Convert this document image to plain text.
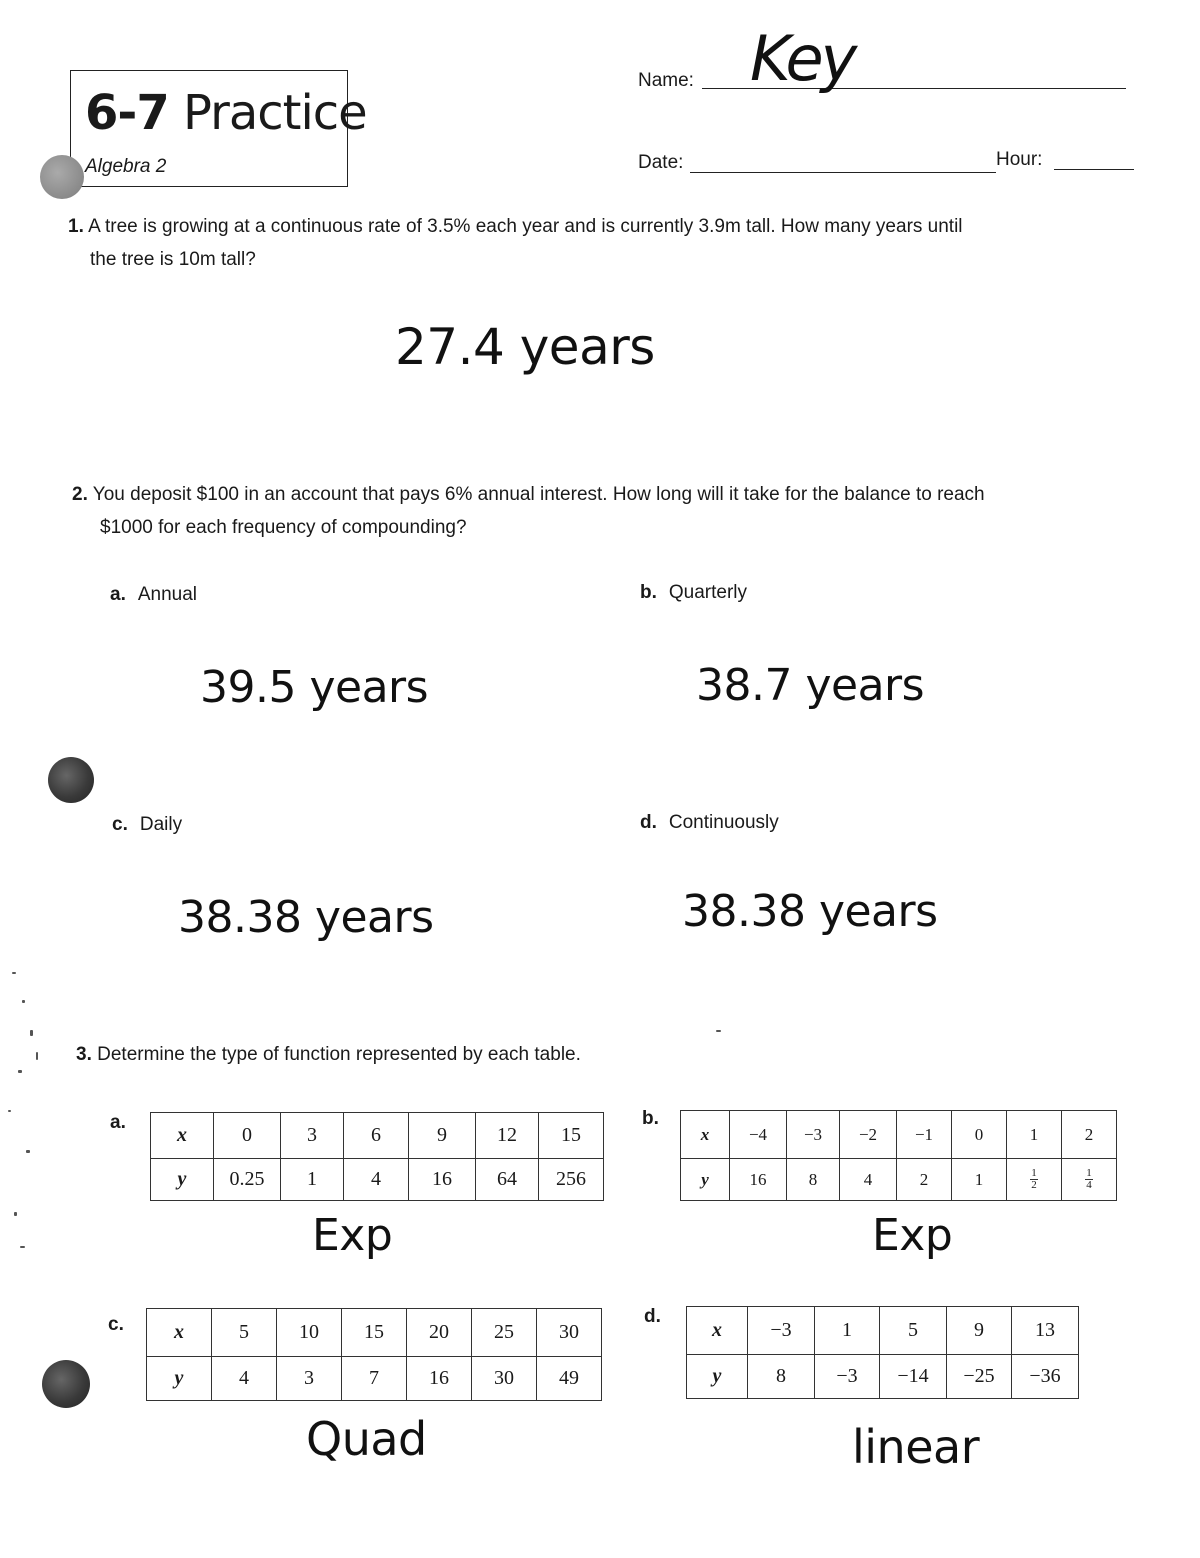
6-7 Practice
Algebra 2
Name: Key
Date:	Hour:
1. A tree is growing at a continuous rate of 3.5% each year and is currently 3.9m tall. How many years until
the tree is 10m tall?
27.4 years
2. You deposit $100 in an account that pays 6% annual interest. How long will it take for the balance to reach
$1000 for each frequency of compounding?
a. Annual	b. Quarterly
39.5 years	38.7 years
c. Daily	d. Continuously
38.38 years	38.38 years
3. Determine the type of function represented by each table.
a.
x	0	3	6	9	12	15
y	0.25	1	4	16	64	256
Exp
b.
x	−4	−3	−2	−1	0	1	2
y	16	8	4	2	1	$\frac{1}{2}$	$\frac{1}{4}$
Exp
c.	x	5	10	15	20	25	30
y	4	3	7	16	30	49
Quad
d.
x	−3	1	5	9	13
y	8	−3	−14	−25	−36
linear
